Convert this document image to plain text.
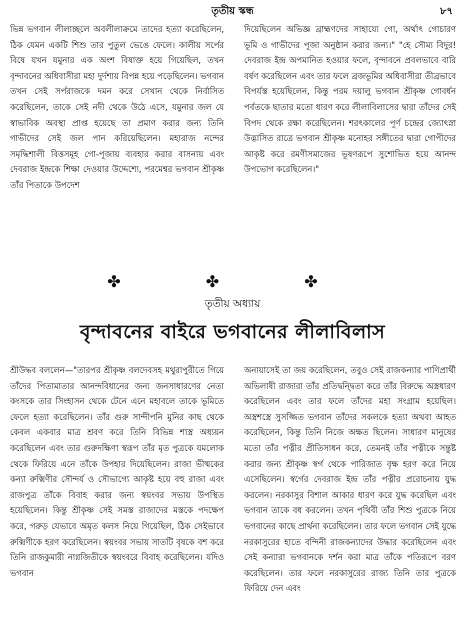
তৃতীয় স্কন্ধ	৮৭

ভিন্ন ভগবান লীলাচ্ছলে অবলীলাক্রমে তাদের হত্যা করেছিলেন, ঠিক যেমন একটি শিশু তার পুতুল ভেঙে ফেলে। কালীয় সর্পের বিষে যখন যমুনার এক অংশ বিষাক্ত হয়ে গিয়েছিল, তখন বৃন্দাবনের অধিবাসীরা মহা দুর্দশায় বিপন্ন হয়ে পড়েছিলেন। ভগবান তখন সেই সর্পরাজকে দমন করে সেখান থেকে নির্বাসিত করেছিলেন, তাকে সেই নদী থেকে উঠে এসে, যমুনার জল যে স্বাভাবিক অবস্থা প্রাপ্ত হয়েছে তা প্রমাণ করার জন্য তিনি গাভীদের সেই জল পান করিয়েছিলেন। মহারাজ নন্দের সমৃদ্ধিশালী বিত্তসমূহ গো-পূজায় ব্যবহার করার বাসনায় এবং দেবরাজ ইন্দ্রকে শিক্ষা দেওয়ার উদ্দেশ্যে, পরমেশ্বর ভগবান শ্রীকৃষ্ণ তাঁর পিতাকে উপদেশ

দিয়েছিলেন অভিজ্ঞ ব্রাহ্মণদের সাহায্যে গো, অর্থাৎ গোচারণ ভূমি ও গাভীদের পূজা অনুষ্ঠান করার জন্য।" "হে সৌম্য বিদুর! দেবরাজ ইন্দ্র অপমানিত হওয়ার ফলে, বৃন্দাবনে প্রবলভাবে বারি বর্ষণ করেছিলেন এবং তার ফলে ব্রজভূমির অধিবাসীরা তীব্রভাবে বিপর্যস্ত হয়েছিলেন, কিন্তু পরম দয়ালু ভগবান শ্রীকৃষ্ণ গোবর্ধন পর্বতকে ছাতার মতো ধারণ করে লীলাবিলাসের দ্বারা তাঁদের সেই বিপদ থেকে রক্ষা করেছিলেন। শরৎকালের পূর্ণ চন্দ্রের জ্যোৎস্না উদ্ভাসিত রাত্রে ভগবান শ্রীকৃষ্ণ মনোহর সঙ্গীতের দ্বারা গোপীদের আকৃষ্ট করে রমণীসমাজের ভূষণরূপে সুশোভিত হয়ে আনন্দ উপভোগ করেছিলেন।"

✤ ✤ ✤
তৃতীয় অধ্যায়
বৃন্দাবনের বাইরে ভগবানের লীলাবিলাস

শ্রীউদ্ধব বললেন—"তারপর শ্রীকৃষ্ণ বলদেবসহ মথুরাপুরীতে গিয়ে তাঁদের পিতামাতার আনন্দবিধানের জন্য জনসাধারণের নেতা কংসকে তার সিংহাসন থেকে টেনে এনে মহাবলে তাকে ভূমিতে ফেলে হত্যা করেছিলেন। তাঁর গুরু সান্দীপনি মুনির কাছ থেকে কেবল একবার মাত্র শ্রবণ করে তিনি বিভিন্ন শাস্ত্র অধ্যয়ন করেছিলেন এবং তার গুরুদক্ষিণা স্বরূপ তাঁর মৃত পুত্রকে যমলোক থেকে ফিরিয়ে এনে তাঁকে উপহার দিয়েছিলেন। রাজা ভীষ্মকের কন্যা রুক্মিণীর সৌন্দর্য ও সৌভাগ্যে আকৃষ্ট হয়ে বহু রাজা এবং রাজপুত্র তাঁকে বিবাহ করার জন্য স্বয়ংবর সভায় উপস্থিত হয়েছিলেন। কিন্তু শ্রীকৃষ্ণ সেই সমস্ত রাজাদের মস্তকে পদক্ষেপ করে, গরুড় যেভাবে অমৃত কলস নিয়ে গিয়েছিল, ঠিক সেইভাবে রুক্মিণীকে হরণ করেছিলেন। স্বয়ংবর সভায় সাতটি বৃষকে বশ করে তিনি রাজকুমারী নাগ্নজিতীকে স্বয়ংবরে বিবাহ করেছিলেন। যদিও ভগবান

অনায়াসেই তা জয় করেছিলেন, তবুও সেই রাজকন্যার পাণিপ্রার্থী অভিলাষী রাজারা তাঁর প্রতিদ্বন্দ্বিতা করে তাঁর বিরুদ্ধে অস্ত্রধারণ করেছিলেন এবং তার ফলে তাঁদের মহা সংগ্রাম হয়েছিল। অস্ত্রশস্ত্রে সুসজ্জিত ভগবান তাঁদের সকলকে হত্যা অথবা আহত করেছিলেন, কিন্তু তিনি নিজে অক্ষত ছিলেন। সাধারণ মানুষের মতো তাঁর পত্নীর প্রীতিসাধন করে, তেমনই তাঁর পত্নীকে সন্তুষ্ট করার জন্য শ্রীকৃষ্ণ স্বর্গ থেকে পারিজাত বৃক্ষ হরণ করে নিয়ে এসেছিলেন। স্বর্গের দেবরাজ ইন্দ্র তাঁর পত্নীর প্ররোচনায় যুদ্ধ করলেন। নরকাসুর বিশাল আকার ধারণ করে যুদ্ধ করেছিল এবং ভগবান তাকে বধ করলেন। তখন পৃথিবী তাঁর শিশু পুত্রকে নিয়ে ভগবানের কাছে প্রার্থনা করেছিলেন। তার ফলে ভগবান সেই যুদ্ধে নরকাসুরের হাতে বন্দিনী রাজকন্যাদের উদ্ধার করেছিলেন এবং সেই কন্যারা ভগবানকে দর্শন করা মাত্র তাঁকে পতিরূপে বরণ করেছিলেন। তার ফলে নরকাসুরের রাজ্য তিনি তার পুত্রকে ফিরিয়ে দেন এবং
